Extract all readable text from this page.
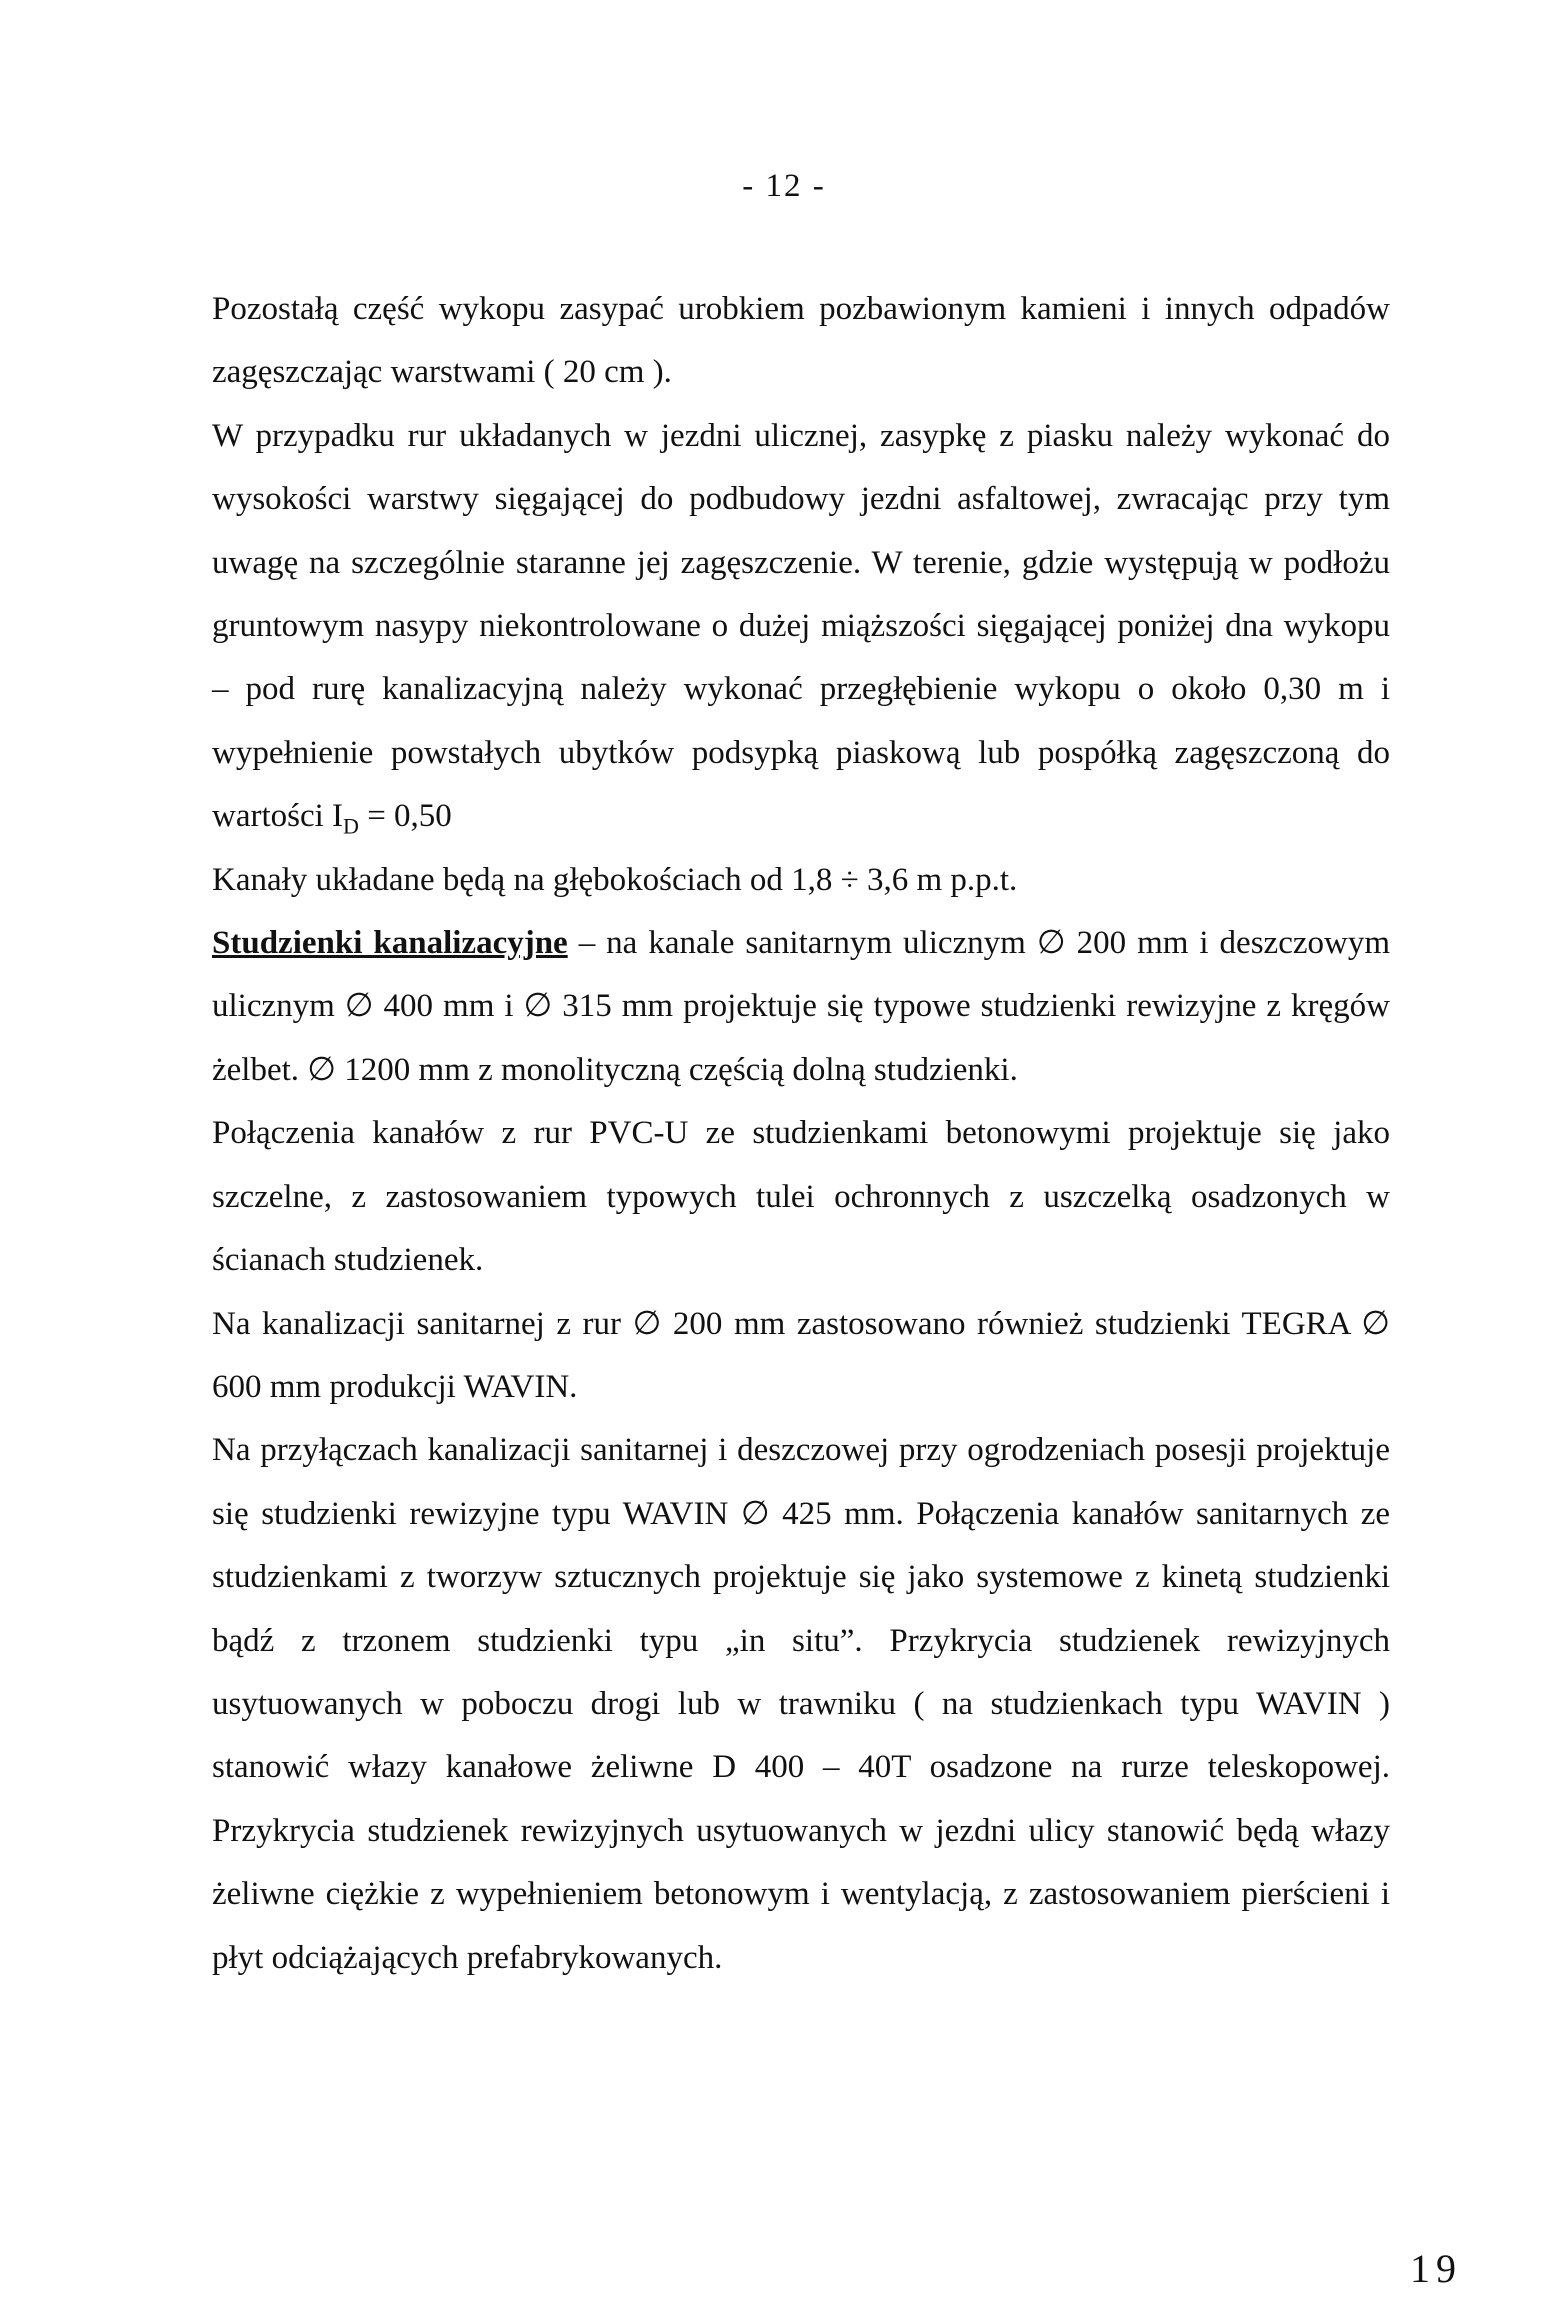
- 12 -

Pozostałą część wykopu zasypać urobkiem pozbawionym kamieni i innych odpadów zagęszczając warstwami ( 20 cm ).

W przypadku rur układanych w jezdni ulicznej, zasypkę z piasku należy wykonać do wysokości warstwy sięgającej do podbudowy jezdni asfaltowej, zwracając przy tym uwagę na szczególnie staranne jej zagęszczenie. W terenie, gdzie występują w podłożu gruntowym nasypy niekontrolowane o dużej miąższości sięgającej poniżej dna wykopu – pod rurę kanalizacyjną należy wykonać przegłębienie wykopu o około 0,30 m i wypełnienie powstałych ubytków podsypką piaskową lub pospółką zagęszczoną do wartości $I_D = 0,50$

Kanały układane będą na głębokościach od 1,8 ÷ 3,6 m p.p.t.

Studzienki kanalizacyjne – na kanale sanitarnym ulicznym ∅ 200 mm i deszczowym ulicznym ∅ 400 mm i ∅ 315 mm projektuje się typowe studzienki rewizyjne z kręgów żelbet. ∅ 1200 mm z monolityczną częścią dolną studzienki.

Połączenia kanałów z rur PVC-U ze studzienkami betonowymi projektuje się jako szczelne, z zastosowaniem typowych tulei ochronnych z uszczelką osadzonych w ścianach studzienek.

Na kanalizacji sanitarnej z rur ∅ 200 mm zastosowano również studzienki TEGRA ∅ 600 mm produkcji WAVIN.

Na przyłączach kanalizacji sanitarnej i deszczowej przy ogrodzeniach posesji projektuje się studzienki rewizyjne typu WAVIN ∅ 425 mm. Połączenia kanałów sanitarnych ze studzienkami z tworzyw sztucznych projektuje się jako systemowe z kinetą studzienki bądź z trzonem studzienki typu „in situ”. Przykrycia studzienek rewizyjnych usytuowanych w poboczu drogi lub w trawniku ( na studzienkach typu WAVIN ) stanowić włazy kanałowe żeliwne D 400 – 40T osadzone na rurze teleskopowej. Przykrycia studzienek rewizyjnych usytuowanych w jezdni ulicy stanowić będą włazy żeliwne ciężkie z wypełnieniem betonowym i wentylacją, z zastosowaniem pierścieni i płyt odciążających prefabrykowanych.

19
